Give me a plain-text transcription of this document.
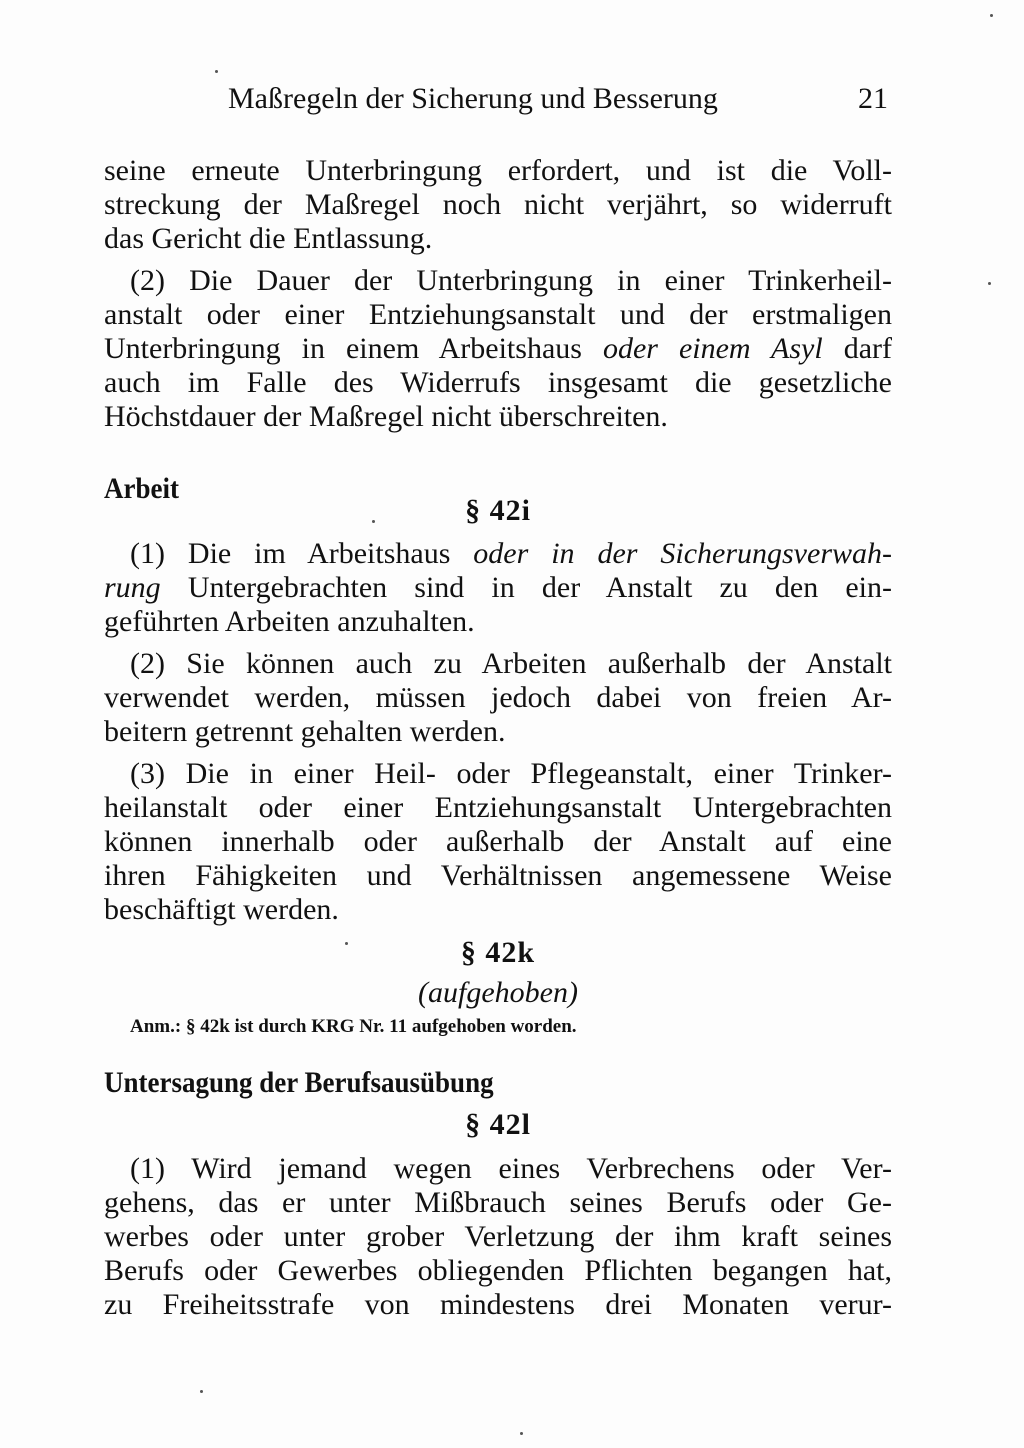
Maßregeln der Sicherung und Besserung	21
seine erneute Unterbringung erfordert, und ist die Voll-
streckung der Maßregel noch nicht verjährt, so widerruft
das Gericht die Entlassung.
(2) Die Dauer der Unterbringung in einer Trinkerheil-
anstalt oder einer Entziehungsanstalt und der erstmaligen
Unterbringung in einem Arbeitshaus oder einem Asyl darf
auch im Falle des Widerrufs insgesamt die gesetzliche
Höchstdauer der Maßregel nicht überschreiten.
Arbeit
§ 42i
(1) Die im Arbeitshaus oder in der Sicherungsverwah-
rung Untergebrachten sind in der Anstalt zu den ein-
geführten Arbeiten anzuhalten.
(2) Sie können auch zu Arbeiten außerhalb der Anstalt
verwendet werden, müssen jedoch dabei von freien Ar-
beitern getrennt gehalten werden.
(3) Die in einer Heil- oder Pflegeanstalt, einer Trinker-
heilanstalt oder einer Entziehungsanstalt Untergebrachten
können innerhalb oder außerhalb der Anstalt auf eine
ihren Fähigkeiten und Verhältnissen angemessene Weise
beschäftigt werden.
§ 42k
(aufgehoben)
Anm.: § 42k ist durch KRG Nr. 11 aufgehoben worden.
Untersagung der Berufsausübung
§ 42l
(1) Wird jemand wegen eines Verbrechens oder Ver-
gehens, das er unter Mißbrauch seines Berufs oder Ge-
werbes oder unter grober Verletzung der ihm kraft seines
Berufs oder Gewerbes obliegenden Pflichten begangen hat,
zu Freiheitsstrafe von mindestens drei Monaten verur-
